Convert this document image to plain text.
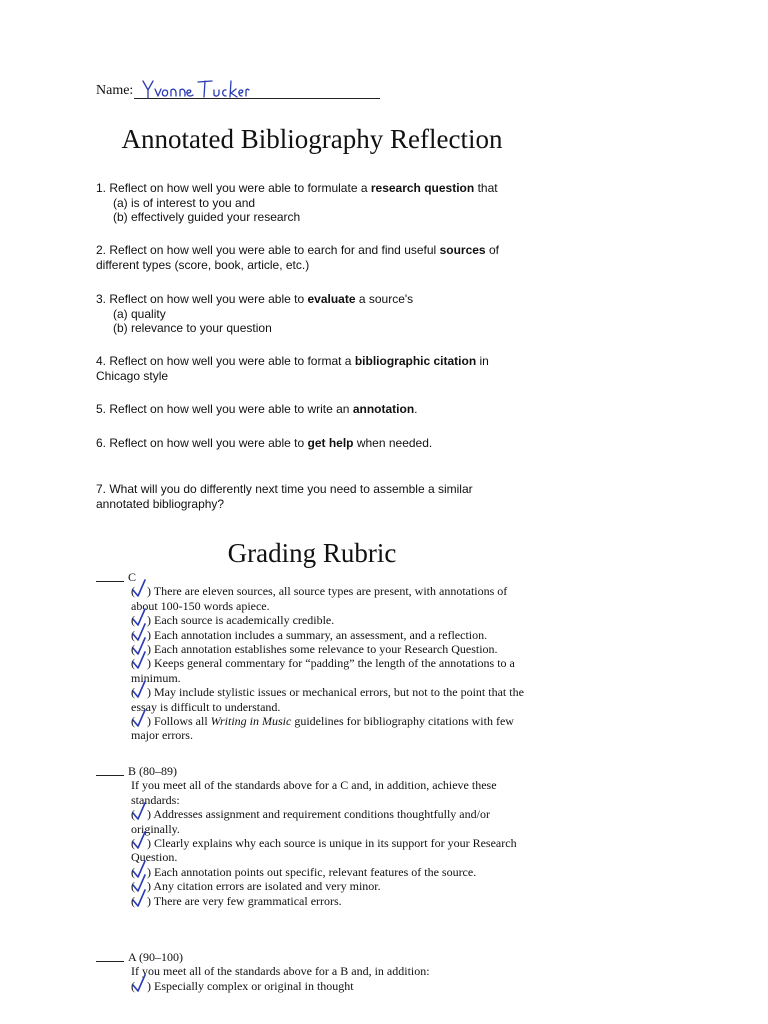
Name:
Annotated Bibliography Reflection
1. Reflect on how well you were able to formulate a research question that
(a) is of interest to you and
(b) effectively guided your research
2. Reflect on how well you were able to earch for and find useful sources of different types (score, book, article, etc.)
3. Reflect on how well you were able to evaluate a source's
(a) quality
(b) relevance to your question
4. Reflect on how well you were able to format a bibliographic citation in Chicago style
5. Reflect on how well you were able to write an annotation.
6. Reflect on how well you were able to get help when needed.
7. What will you do differently next time you need to assemble a similar annotated bibliography?
Grading Rubric
C
(    ) There are eleven sources, all source types are present, with annotations of about 100-150 words apiece.
(    ) Each source is academically credible.
(    ) Each annotation includes a summary, an assessment, and a reflection.
(    ) Each annotation establishes some relevance to your Research Question.
(    ) Keeps general commentary for “padding” the length of the annotations to a minimum.
(    ) May include stylistic issues or mechanical errors, but not to the point that the essay is difficult to understand.
(    ) Follows all Writing in Music guidelines for bibliography citations with few major errors.
B (80–89)
If you meet all of the standards above for a C and, in addition, achieve these standards:
(    ) Addresses assignment and requirement conditions thoughtfully and/or originally.
(    ) Clearly explains why each source is unique in its support for your Research Question.
(    ) Each annotation points out specific, relevant features of the source.
(    ) Any citation errors are isolated and very minor.
(    ) There are very few grammatical errors.
A (90–100)
If you meet all of the standards above for a B and, in addition:
(    ) Especially complex or original in thought
